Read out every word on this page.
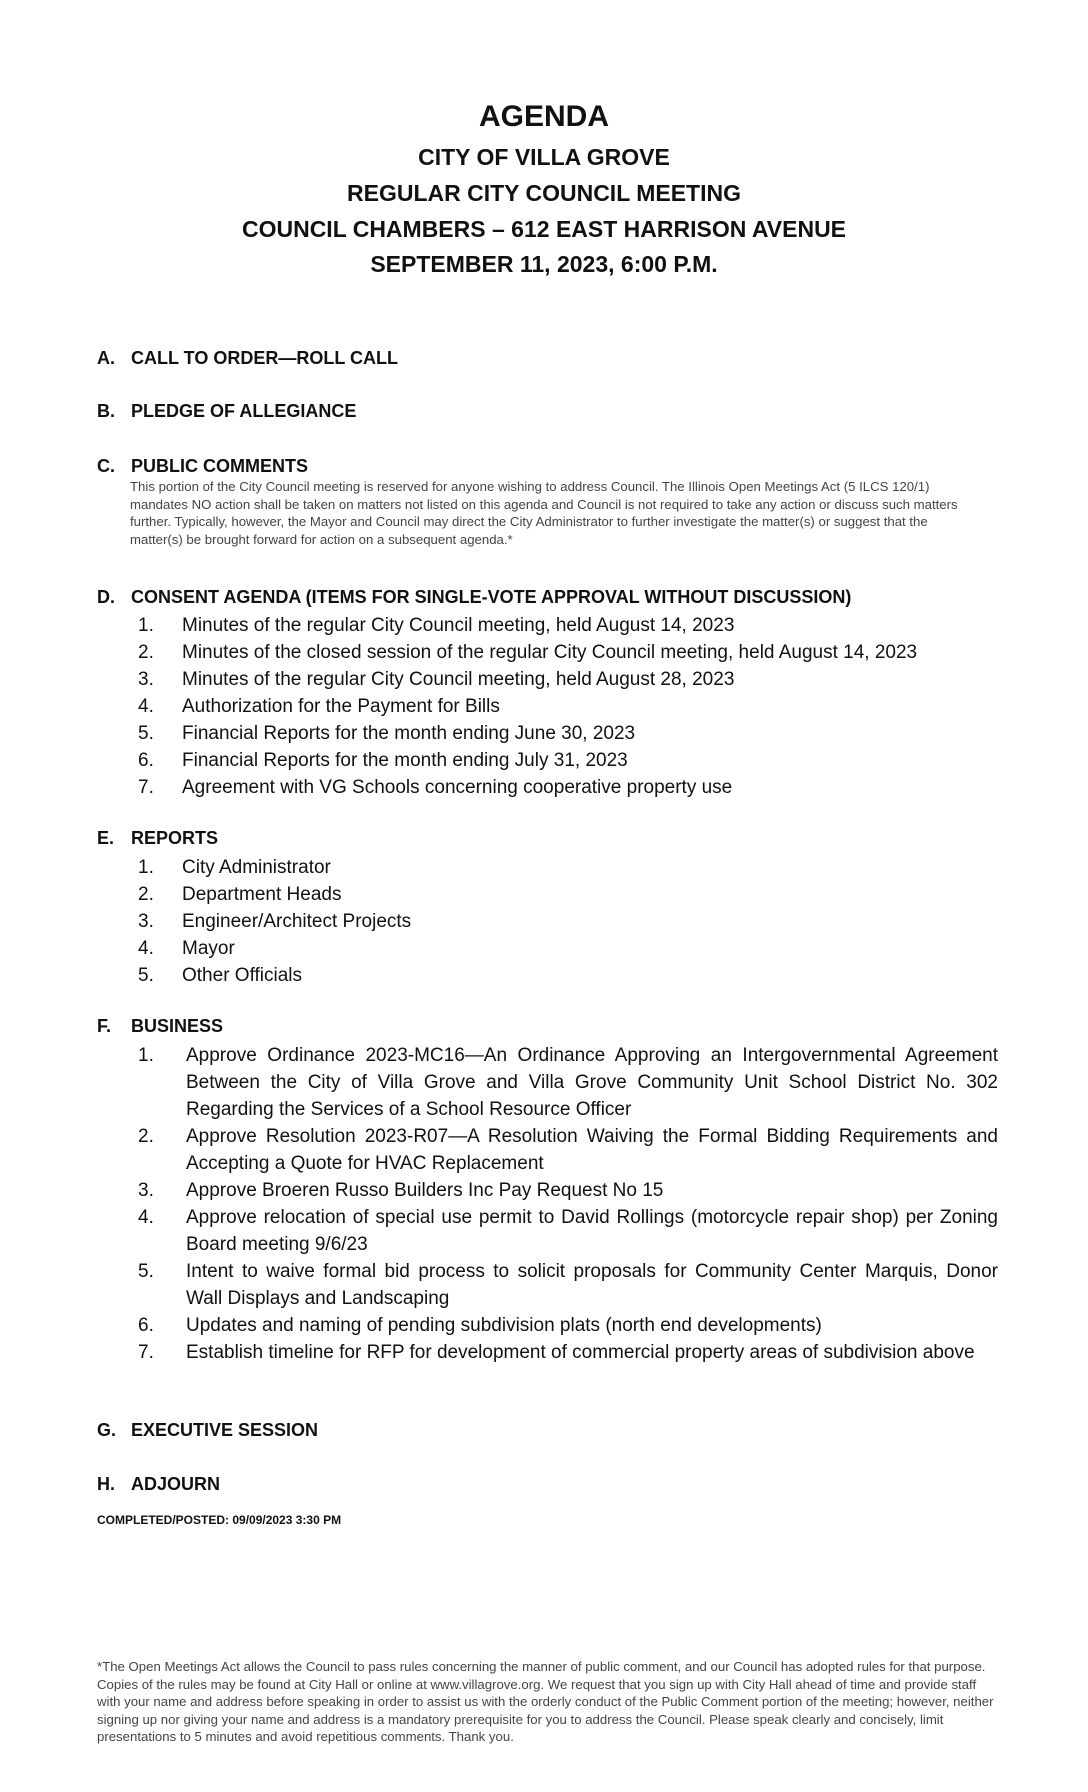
AGENDA
CITY OF VILLA GROVE
REGULAR CITY COUNCIL MEETING
COUNCIL CHAMBERS – 612 EAST HARRISON AVENUE
SEPTEMBER 11, 2023, 6:00 P.M.
A. CALL TO ORDER—ROLL CALL
B. PLEDGE OF ALLEGIANCE
C. PUBLIC COMMENTS
This portion of the City Council meeting is reserved for anyone wishing to address Council. The Illinois Open Meetings Act (5 ILCS 120/1) mandates NO action shall be taken on matters not listed on this agenda and Council is not required to take any action or discuss such matters further. Typically, however, the Mayor and Council may direct the City Administrator to further investigate the matter(s) or suggest that the matter(s) be brought forward for action on a subsequent agenda.*
D. CONSENT AGENDA (ITEMS FOR SINGLE-VOTE APPROVAL WITHOUT DISCUSSION)
1. Minutes of the regular City Council meeting, held August 14, 2023
2. Minutes of the closed session of the regular City Council meeting, held August 14, 2023
3. Minutes of the regular City Council meeting, held August 28, 2023
4. Authorization for the Payment for Bills
5. Financial Reports for the month ending June 30, 2023
6. Financial Reports for the month ending July 31, 2023
7. Agreement with VG Schools concerning cooperative property use
E. REPORTS
1. City Administrator
2. Department Heads
3. Engineer/Architect Projects
4. Mayor
5. Other Officials
F. BUSINESS
1. Approve Ordinance 2023-MC16—An Ordinance Approving an Intergovernmental Agreement Between the City of Villa Grove and Villa Grove Community Unit School District No. 302 Regarding the Services of a School Resource Officer
2. Approve Resolution 2023-R07—A Resolution Waiving the Formal Bidding Requirements and Accepting a Quote for HVAC Replacement
3. Approve Broeren Russo Builders Inc Pay Request No 15
4. Approve relocation of special use permit to David Rollings (motorcycle repair shop) per Zoning Board meeting 9/6/23
5. Intent to waive formal bid process to solicit proposals for Community Center Marquis, Donor Wall Displays and Landscaping
6. Updates and naming of pending subdivision plats (north end developments)
7. Establish timeline for RFP for development of commercial property areas of subdivision above
G. EXECUTIVE SESSION
H. ADJOURN
COMPLETED/POSTED: 09/09/2023 3:30 PM
*The Open Meetings Act allows the Council to pass rules concerning the manner of public comment, and our Council has adopted rules for that purpose. Copies of the rules may be found at City Hall or online at www.villagrove.org. We request that you sign up with City Hall ahead of time and provide staff with your name and address before speaking in order to assist us with the orderly conduct of the Public Comment portion of the meeting; however, neither signing up nor giving your name and address is a mandatory prerequisite for you to address the Council. Please speak clearly and concisely, limit presentations to 5 minutes and avoid repetitious comments. Thank you.
